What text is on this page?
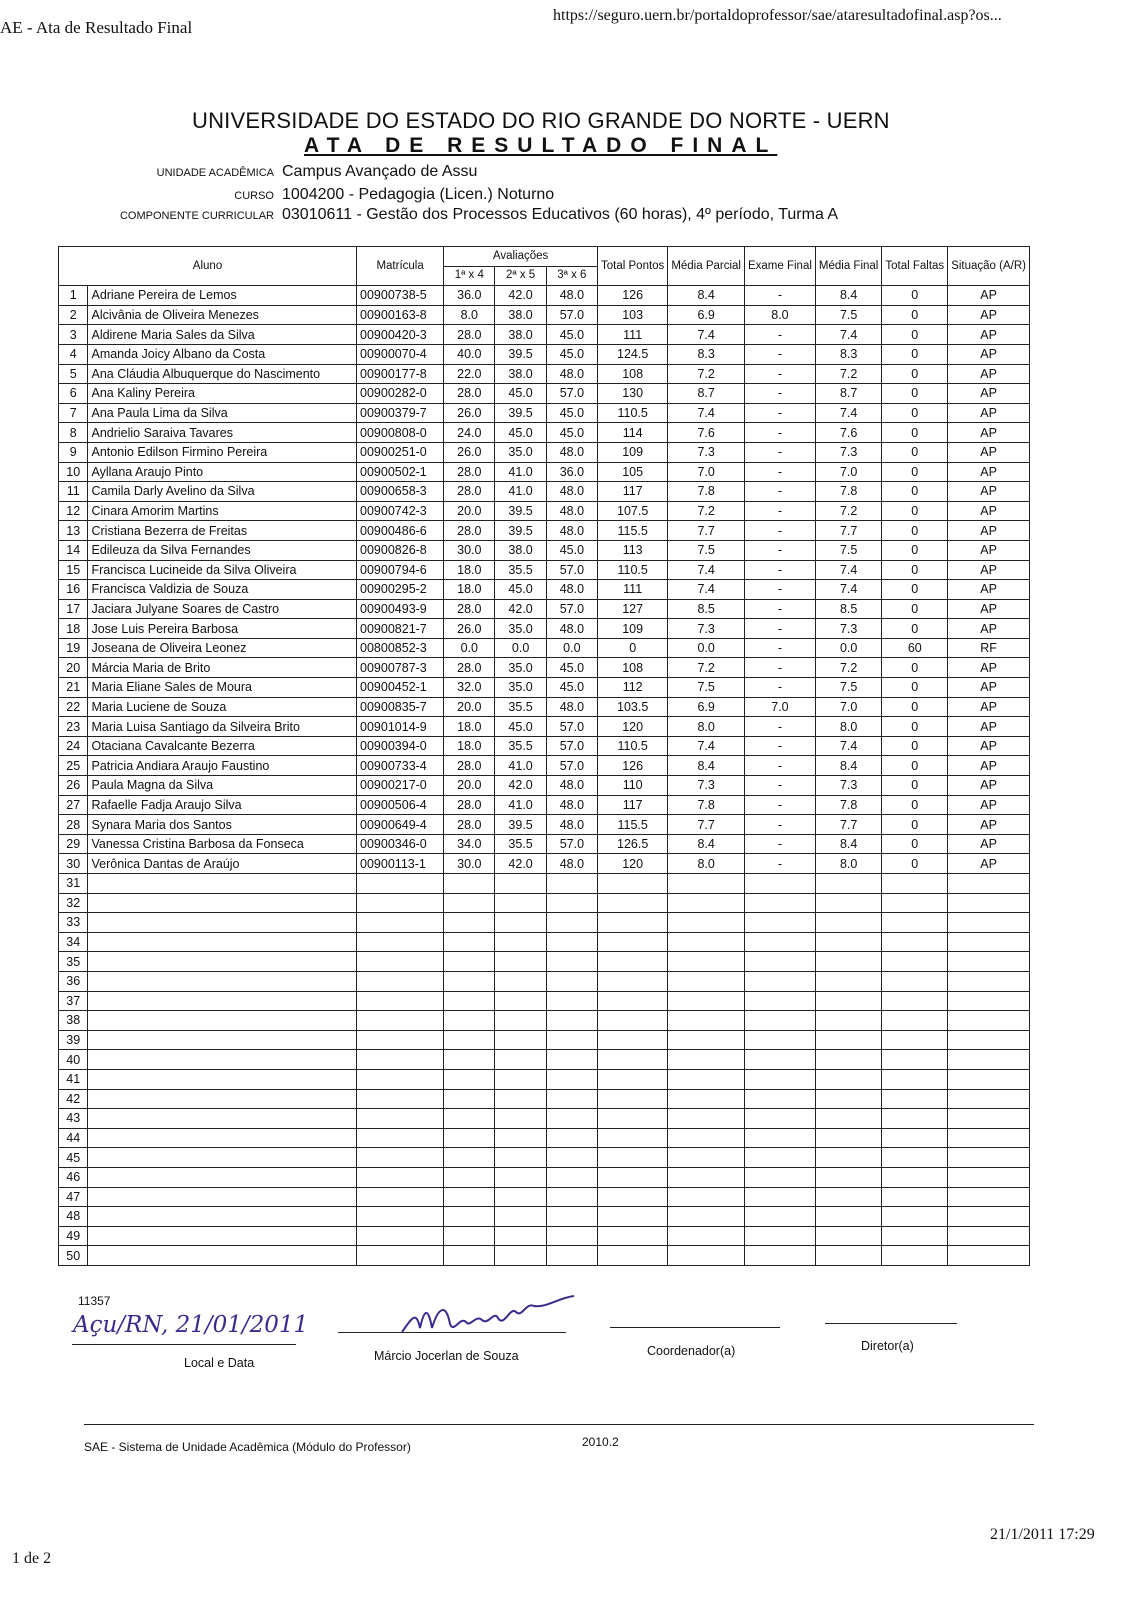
AE - Ata de Resultado Final
https://seguro.uern.br/portaldoprofessor/sae/ataresultadofinal.asp?os...
UNIVERSIDADE DO ESTADO DO RIO GRANDE DO NORTE - UERN
ATA DE RESULTADO FINAL
UNIDADE ACADÊMICA Campus Avançado de Assu
CURSO 1004200 - Pedagogia (Licen.) Noturno
COMPONENTE CURRICULAR 03010611 - Gestão dos Processos Educativos (60 horas), 4º período, Turma A
Aluno		Matrícula	Avaliações			Total Pontos	Média Parcial	Exame Final	Média Final	Total Faltas	Situação (A/R)
			1ª x 4	2ª x 5	3ª x 6						
1	Adriane Pereira de Lemos	00900738-5	36.0	42.0	48.0	126	8.4	-	8.4	0	AP
2	Alcivânia de Oliveira Menezes	00900163-8	8.0	38.0	57.0	103	6.9	8.0	7.5	0	AP
3	Aldirene Maria Sales da Silva	00900420-3	28.0	38.0	45.0	111	7.4	-	7.4	0	AP
4	Amanda Joicy Albano da Costa	00900070-4	40.0	39.5	45.0	124.5	8.3	-	8.3	0	AP
5	Ana Cláudia Albuquerque do Nascimento	00900177-8	22.0	38.0	48.0	108	7.2	-	7.2	0	AP
6	Ana Kaliny Pereira	00900282-0	28.0	45.0	57.0	130	8.7	-	8.7	0	AP
7	Ana Paula Lima da Silva	00900379-7	26.0	39.5	45.0	110.5	7.4	-	7.4	0	AP
8	Andrielio Saraiva Tavares	00900808-0	24.0	45.0	45.0	114	7.6	-	7.6	0	AP
9	Antonio Edilson Firmino Pereira	00900251-0	26.0	35.0	48.0	109	7.3	-	7.3	0	AP
10	Ayllana Araujo Pinto	00900502-1	28.0	41.0	36.0	105	7.0	-	7.0	0	AP
11	Camila Darly Avelino da Silva	00900658-3	28.0	41.0	48.0	117	7.8	-	7.8	0	AP
12	Cinara Amorim Martins	00900742-3	20.0	39.5	48.0	107.5	7.2	-	7.2	0	AP
13	Cristiana Bezerra de Freitas	00900486-6	28.0	39.5	48.0	115.5	7.7	-	7.7	0	AP
14	Edileuza da Silva Fernandes	00900826-8	30.0	38.0	45.0	113	7.5	-	7.5	0	AP
15	Francisca Lucineide da Silva Oliveira	00900794-6	18.0	35.5	57.0	110.5	7.4	-	7.4	0	AP
16	Francisca Valdizia de Souza	00900295-2	18.0	45.0	48.0	111	7.4	-	7.4	0	AP
17	Jaciara Julyane Soares de Castro	00900493-9	28.0	42.0	57.0	127	8.5	-	8.5	0	AP
18	Jose Luis Pereira Barbosa	00900821-7	26.0	35.0	48.0	109	7.3	-	7.3	0	AP
19	Joseana de Oliveira Leonez	00800852-3	0.0	0.0	0.0	0	0.0	-	0.0	60	RF
20	Márcia Maria de Brito	00900787-3	28.0	35.0	45.0	108	7.2	-	7.2	0	AP
21	Maria Eliane Sales de Moura	00900452-1	32.0	35.0	45.0	112	7.5	-	7.5	0	AP
22	Maria Luciene de Souza	00900835-7	20.0	35.5	48.0	103.5	6.9	7.0	7.0	0	AP
23	Maria Luisa Santiago da Silveira Brito	00901014-9	18.0	45.0	57.0	120	8.0	-	8.0	0	AP
24	Otaciana Cavalcante Bezerra	00900394-0	18.0	35.5	57.0	110.5	7.4	-	7.4	0	AP
25	Patricia Andiara Araujo Faustino	00900733-4	28.0	41.0	57.0	126	8.4	-	8.4	0	AP
26	Paula Magna da Silva	00900217-0	20.0	42.0	48.0	110	7.3	-	7.3	0	AP
27	Rafaelle Fadja Araujo Silva	00900506-4	28.0	41.0	48.0	117	7.8	-	7.8	0	AP
28	Synara Maria dos Santos	00900649-4	28.0	39.5	48.0	115.5	7.7	-	7.7	0	AP
29	Vanessa Cristina Barbosa da Fonseca	00900346-0	34.0	35.5	57.0	126.5	8.4	-	8.4	0	AP
30	Verônica Dantas de Araújo	00900113-1	30.0	42.0	48.0	120	8.0	-	8.0	0	AP
31											
32											
33											
34											
35											
36											
37											
38											
39											
40											
41											
42											
43											
44											
45											
46											
47											
48											
49											
50											
11357
Açu/RN, 21/01/2011
Local e Data	Márcio Jocerlan de Souza	Coordenador(a)	Diretor(a)
SAE - Sistema de Unidade Acadêmica (Módulo do Professor)	2010.2
21/1/2011 17:29
1 de 2
